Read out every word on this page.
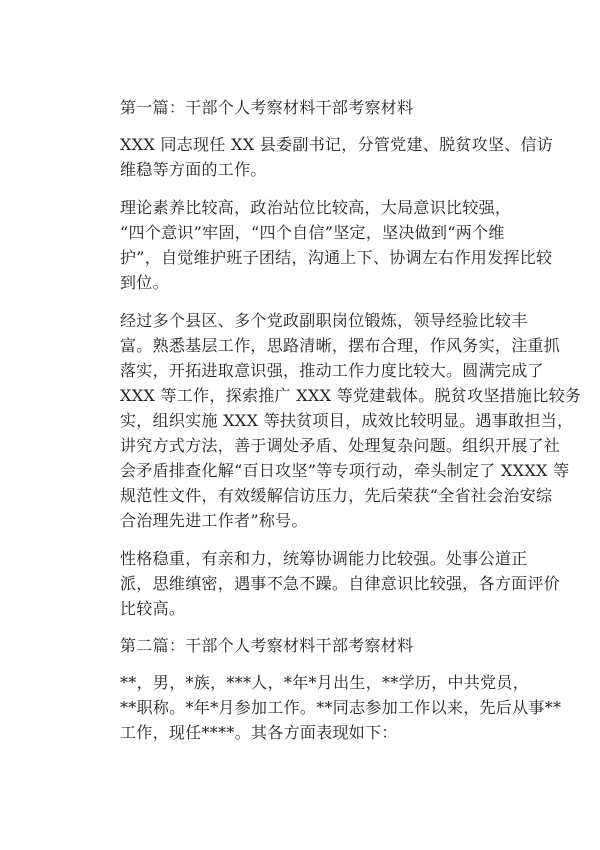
第一篇：干部个人考察材料干部考察材料
XXX 同志现任 XX 县委副书记，分管党建、脱贫攻坚、信访
维稳等方面的工作。
理论素养比较高，政治站位比较高，大局意识比较强，
“四个意识”牢固，“四个自信”坚定，坚决做到“两个维
护”，自觉维护班子团结，沟通上下、协调左右作用发挥比较
到位。
经过多个县区、多个党政副职岗位锻炼，领导经验比较丰
富。熟悉基层工作，思路清晰，摆布合理，作风务实，注重抓
落实，开拓进取意识强，推动工作力度比较大。圆满完成了
XXX 等工作，探索推广 XXX 等党建载体。脱贫攻坚措施比较务
实，组织实施 XXX 等扶贫项目，成效比较明显。遇事敢担当，
讲究方式方法，善于调处矛盾、处理复杂问题。组织开展了社
会矛盾排查化解“百日攻坚”等专项行动，牵头制定了 XXXX 等
规范性文件，有效缓解信访压力，先后荣获“全省社会治安综
合治理先进工作者”称号。
性格稳重，有亲和力，统筹协调能力比较强。处事公道正
派，思维缜密，遇事不急不躁。自律意识比较强，各方面评价
比较高。
第二篇：干部个人考察材料干部考察材料
**，男，*族，***人，*年*月出生，**学历，中共党员，
**职称。*年*月参加工作。**同志参加工作以来，先后从事**
工作，现任****。其各方面表现如下：
